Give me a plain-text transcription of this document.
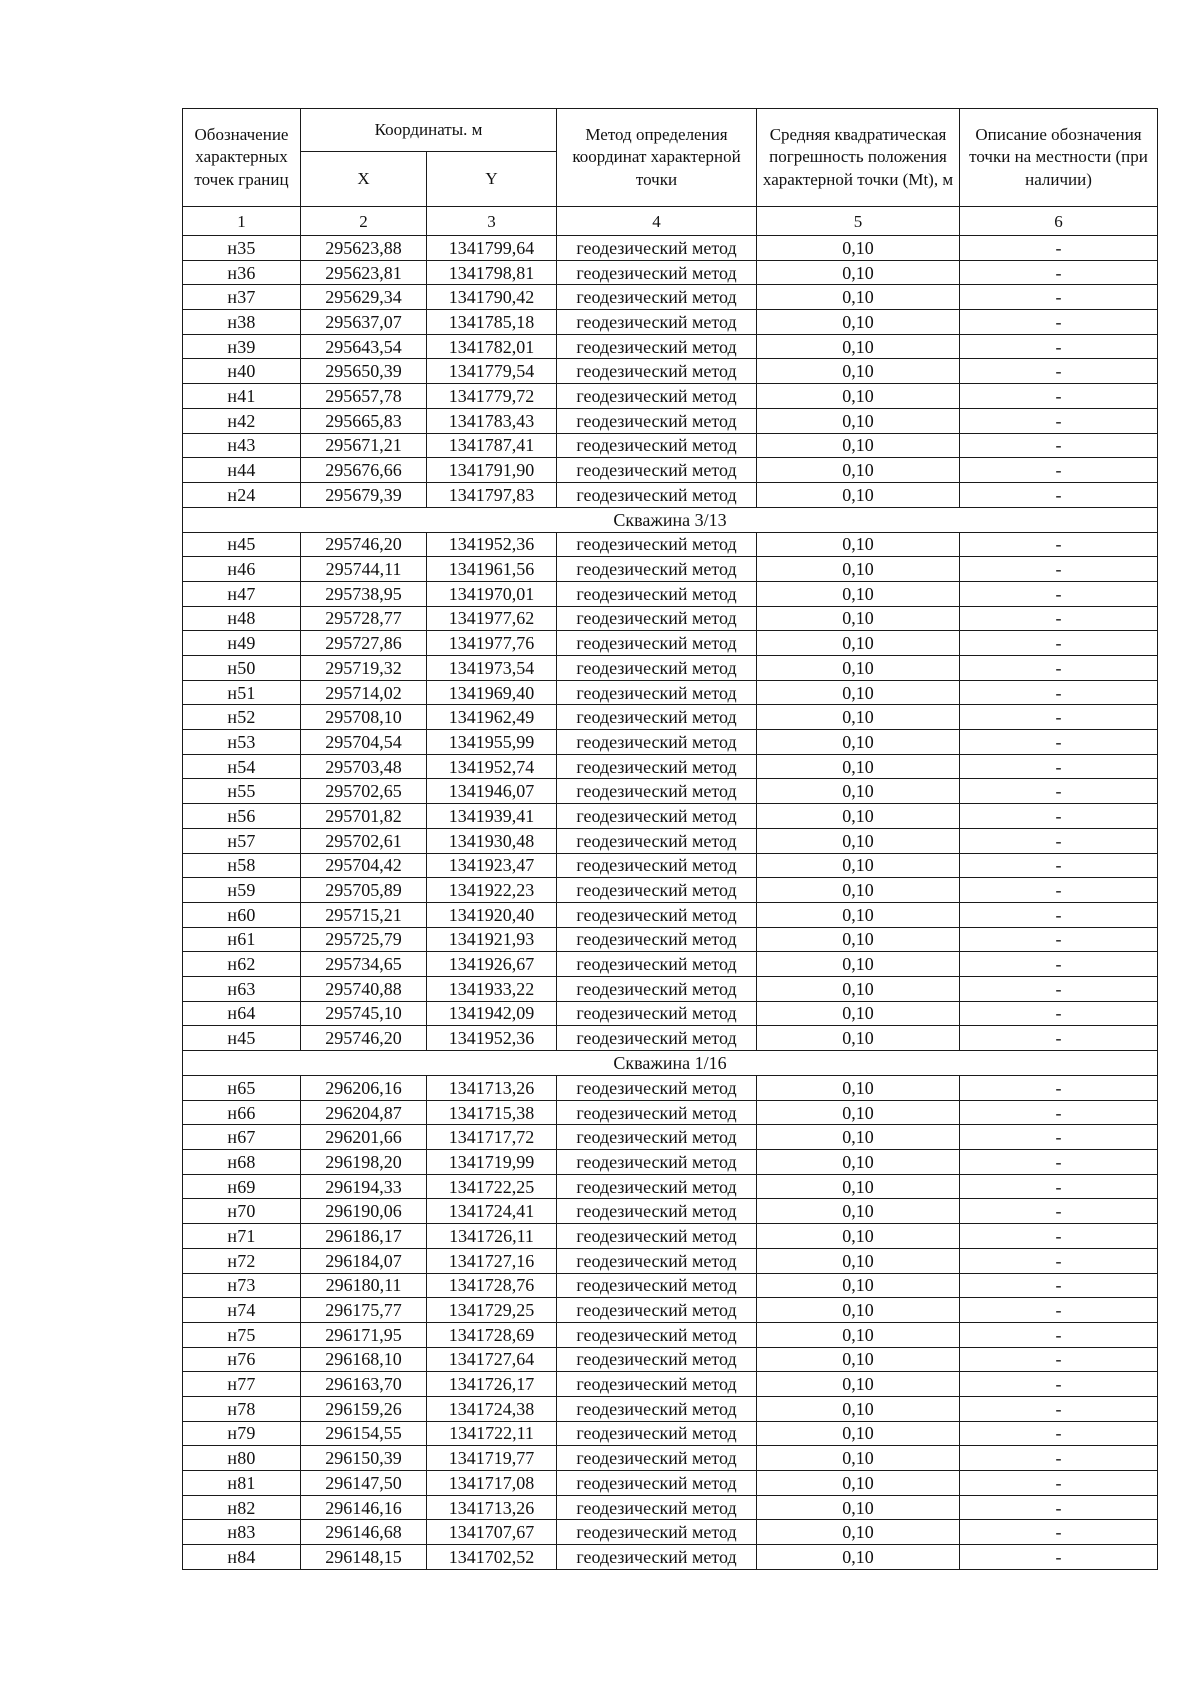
Обозначение характерных точек границ	Координаты. м		Метод определения координат характерной точки	Средняя квадратическая погрешность положения характерной точки (Mt), м	Описание обозначения точки на местности (при наличии)
	X	Y			
1	2	3	4	5	6
н35	295623,88	1341799,64	геодезический метод	0,10	-
н36	295623,81	1341798,81	геодезический метод	0,10	-
н37	295629,34	1341790,42	геодезический метод	0,10	-
н38	295637,07	1341785,18	геодезический метод	0,10	-
н39	295643,54	1341782,01	геодезический метод	0,10	-
н40	295650,39	1341779,54	геодезический метод	0,10	-
н41	295657,78	1341779,72	геодезический метод	0,10	-
н42	295665,83	1341783,43	геодезический метод	0,10	-
н43	295671,21	1341787,41	геодезический метод	0,10	-
н44	295676,66	1341791,90	геодезический метод	0,10	-
н24	295679,39	1341797,83	геодезический метод	0,10	-
Скважина 3/13					
н45	295746,20	1341952,36	геодезический метод	0,10	-
н46	295744,11	1341961,56	геодезический метод	0,10	-
н47	295738,95	1341970,01	геодезический метод	0,10	-
н48	295728,77	1341977,62	геодезический метод	0,10	-
н49	295727,86	1341977,76	геодезический метод	0,10	-
н50	295719,32	1341973,54	геодезический метод	0,10	-
н51	295714,02	1341969,40	геодезический метод	0,10	-
н52	295708,10	1341962,49	геодезический метод	0,10	-
н53	295704,54	1341955,99	геодезический метод	0,10	-
н54	295703,48	1341952,74	геодезический метод	0,10	-
н55	295702,65	1341946,07	геодезический метод	0,10	-
н56	295701,82	1341939,41	геодезический метод	0,10	-
н57	295702,61	1341930,48	геодезический метод	0,10	-
н58	295704,42	1341923,47	геодезический метод	0,10	-
н59	295705,89	1341922,23	геодезический метод	0,10	-
н60	295715,21	1341920,40	геодезический метод	0,10	-
н61	295725,79	1341921,93	геодезический метод	0,10	-
н62	295734,65	1341926,67	геодезический метод	0,10	-
н63	295740,88	1341933,22	геодезический метод	0,10	-
н64	295745,10	1341942,09	геодезический метод	0,10	-
н45	295746,20	1341952,36	геодезический метод	0,10	-
Скважина 1/16					
н65	296206,16	1341713,26	геодезический метод	0,10	-
н66	296204,87	1341715,38	геодезический метод	0,10	-
н67	296201,66	1341717,72	геодезический метод	0,10	-
н68	296198,20	1341719,99	геодезический метод	0,10	-
н69	296194,33	1341722,25	геодезический метод	0,10	-
н70	296190,06	1341724,41	геодезический метод	0,10	-
н71	296186,17	1341726,11	геодезический метод	0,10	-
н72	296184,07	1341727,16	геодезический метод	0,10	-
н73	296180,11	1341728,76	геодезический метод	0,10	-
н74	296175,77	1341729,25	геодезический метод	0,10	-
н75	296171,95	1341728,69	геодезический метод	0,10	-
н76	296168,10	1341727,64	геодезический метод	0,10	-
н77	296163,70	1341726,17	геодезический метод	0,10	-
н78	296159,26	1341724,38	геодезический метод	0,10	-
н79	296154,55	1341722,11	геодезический метод	0,10	-
н80	296150,39	1341719,77	геодезический метод	0,10	-
н81	296147,50	1341717,08	геодезический метод	0,10	-
н82	296146,16	1341713,26	геодезический метод	0,10	-
н83	296146,68	1341707,67	геодезический метод	0,10	-
н84	296148,15	1341702,52	геодезический метод	0,10	-
